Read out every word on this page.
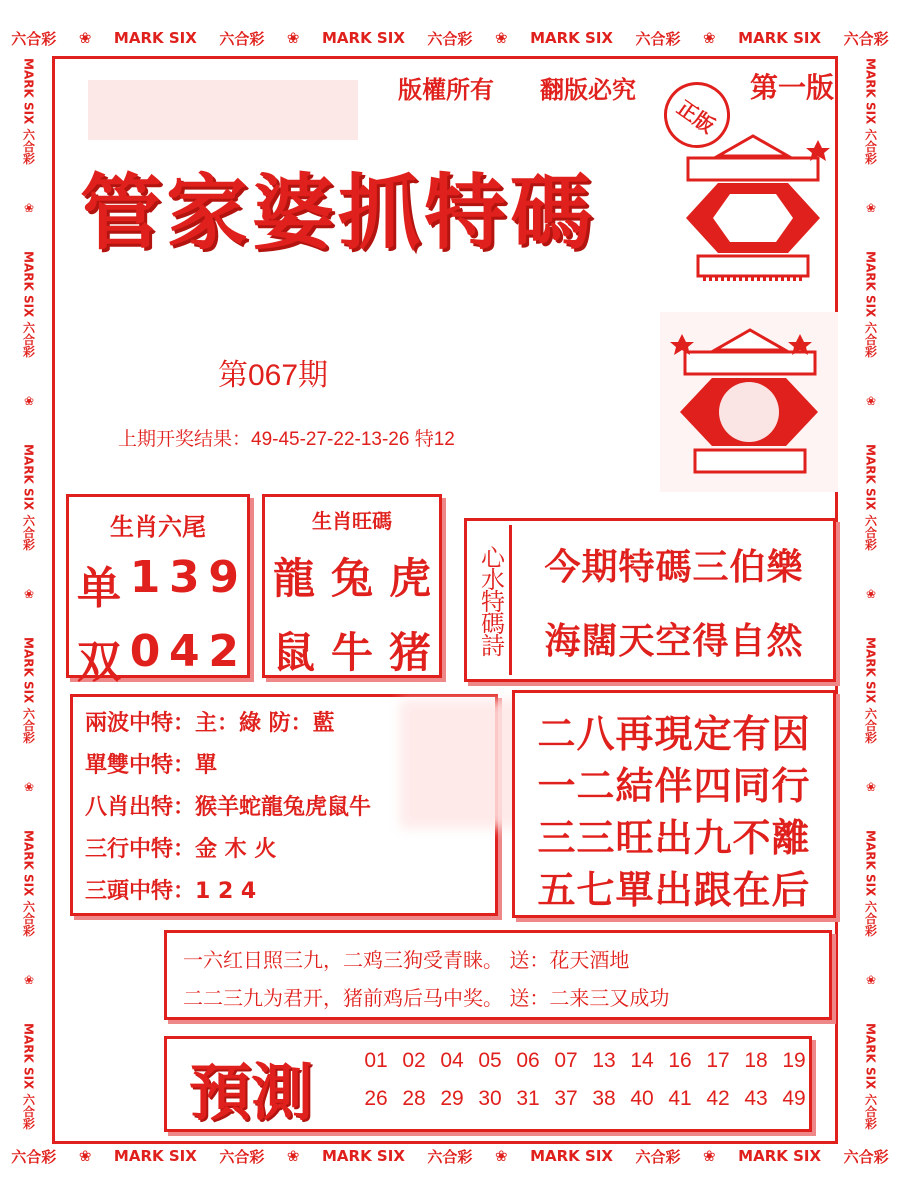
六合彩	❀	MARK SIX	六合彩	❀	MARK SIX	六合彩	❀	MARK SIX	六合彩	❀	MARK SIX	六合彩
六合彩	❀	MARK SIX	六合彩	❀	MARK SIX	六合彩	❀	MARK SIX	六合彩	❀	MARK SIX	六合彩
MARK SIX 六合彩
❀
MARK SIX 六合彩
❀
MARK SIX 六合彩
❀
MARK SIX 六合彩
❀
MARK SIX 六合彩
❀
MARK SIX 六合彩
MARK SIX 六合彩
❀
MARK SIX 六合彩
❀
MARK SIX 六合彩
❀
MARK SIX 六合彩
❀
MARK SIX 六合彩
❀
MARK SIX 六合彩
版權所有 翻版必究	第一版
正版
管家婆抓特碼
第067期
上期开奖结果：49-45-27-22-13-26 特12
生肖六尾
单 1 3 9
双 0 4 2
生肖旺碼
龍 兔 虎
鼠 牛 猪 心水特碼詩	今期特碼三伯樂
海闊天空得自然
兩波中特：主：綠 防：藍
單雙中特：單
八肖出特：猴羊蛇龍兔虎鼠牛
三行中特：金 木 火
三頭中特：1 2 4
二八再現定有因
一二結伴四同行
三三旺出九不離
五七單出跟在后
一六红日照三九，二鸡三狗受青睐。 送：花天酒地
二二三九为君开，猪前鸡后马中奖。 送：二来三又成功
預測	01 02 04 05 06 07 13 14 16 17 18 19
26 28 29 30 31 37 38 40 41 42 43 49
